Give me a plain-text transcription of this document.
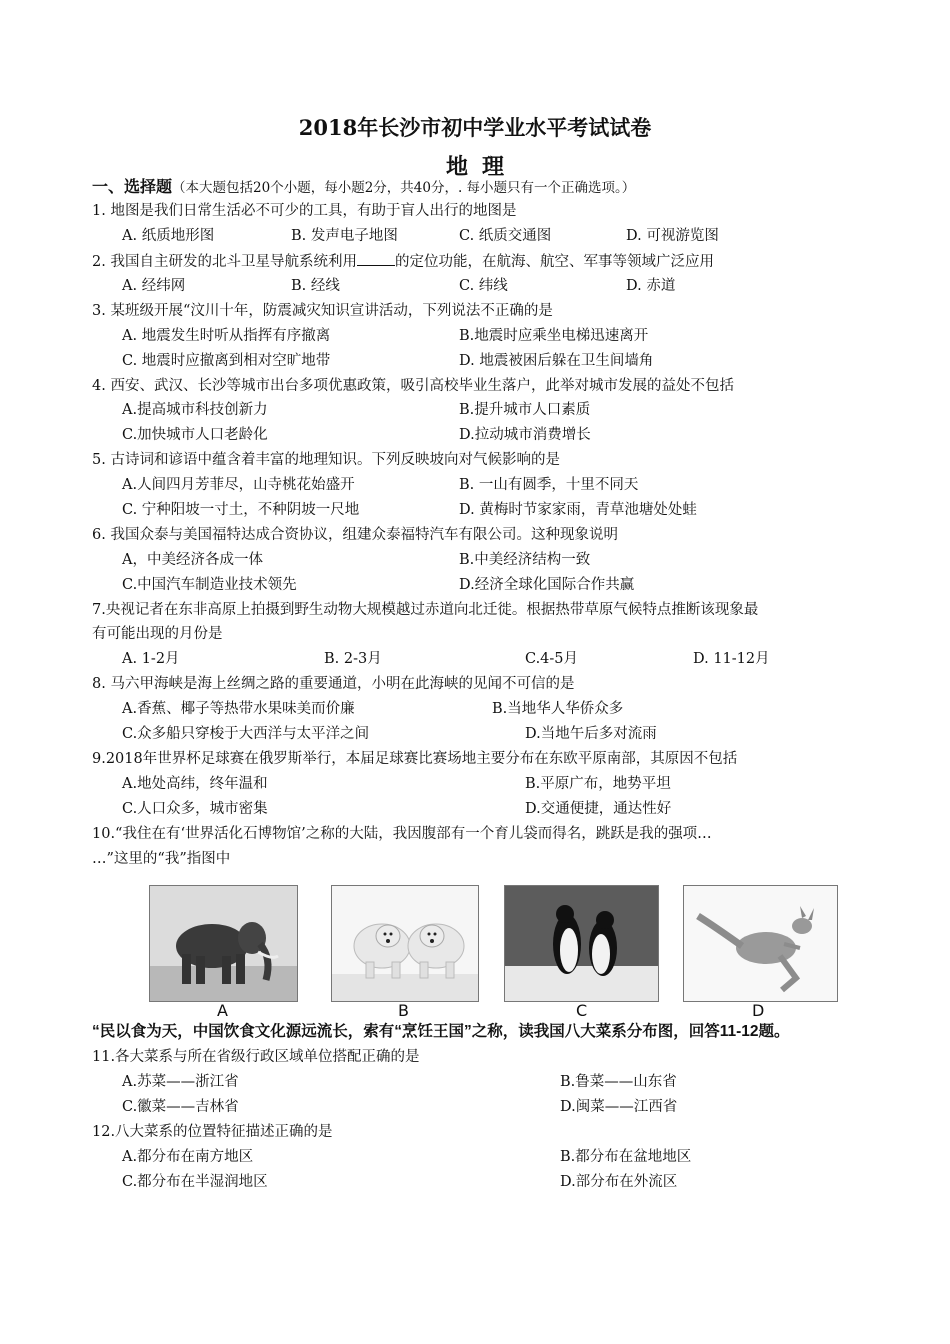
2018年长沙市初中学业水平考试试卷
地理
一、选择题（本大题包括20个小题，每小题2分，共40分，. 每小题只有一个正确选项。）
1. 地图是我们日常生活必不可少的工具，有助于盲人出行的地图是
A. 纸质地形图	B. 发声电子地图	C. 纸质交通图	D. 可视游览图
2. 我国自主研发的北斗卫星导航系统利用	的定位功能，在航海、航空、军事等领域广泛应用
A. 经纬网	B. 经线	C. 纬线	D. 赤道
3. 某班级开展“汶川十年，防震减灾知识宣讲活动，下列说法不正确的是
A. 地震发生时听从指挥有序撤离	B.地震时应乘坐电梯迅速离开
C. 地震时应撤离到相对空旷地带	D. 地震被困后躲在卫生间墙角
4. 西安、武汉、长沙等城市出台多项优惠政策，吸引高校毕业生落户，此举对城市发展的益处不包括
A.提高城市科技创新力	B.提升城市人口素质
C.加快城市人口老龄化	D.拉动城市消费增长
5. 古诗词和谚语中蕴含着丰富的地理知识。下列反映坡向对气候影响的是
A.人间四月芳菲尽，山寺桃花始盛开	B. 一山有圆季，十里不同天
C. 宁种阳坡一寸土，不种阴坡一尺地	D. 黄梅时节家家雨，青草池塘处处蛙
6. 我国众泰与美国福特达成合资协议，组建众泰福特汽车有限公司。这种现象说明
A，中美经济各成一体	B.中美经济结构一致
C.中国汽车制造业技术领先	D.经济全球化国际合作共赢
7.央视记者在东非高原上拍摄到野生动物大规模越过赤道向北迁徙。根据热带草原气候特点推断该现象最
有可能出现的月份是
A. 1-2月	B. 2-3月	C.4-5月	D. 11-12月
8. 马六甲海峡是海上丝绸之路的重要通道，小明在此海峡的见闻不可信的是
A.香蕉、椰子等热带水果味美而价廉	B.当地华人华侨众多
C.众多船只穿梭于大西洋与太平洋之间	D.当地午后多对流雨
9.2018年世界杯足球赛在俄罗斯举行，本届足球赛比赛场地主要分布在东欧平原南部，其原因不包括
A.地处高纬，终年温和	B.平原广布，地势平坦
C.人口众多，城市密集	D.交通便捷，通达性好
10.“我住在有‘世界活化石博物馆’之称的大陆，我因腹部有一个育儿袋而得名，跳跃是我的强项…
…”这里的“我”指图中
A	B	C	D
“民以食为天，中国饮食文化源远流长，索有“烹饪王国”之称，读我国八大菜系分布图，回答11-12题。
11.各大菜系与所在省级行政区域单位搭配正确的是
A.苏菜——浙江省	B.鲁菜——山东省
C.徽菜——吉林省	D.闽菜——江西省
12.八大菜系的位置特征描述正确的是
A.都分布在南方地区	B.都分布在盆地地区
C.都分布在半湿润地区	D.部分布在外流区
